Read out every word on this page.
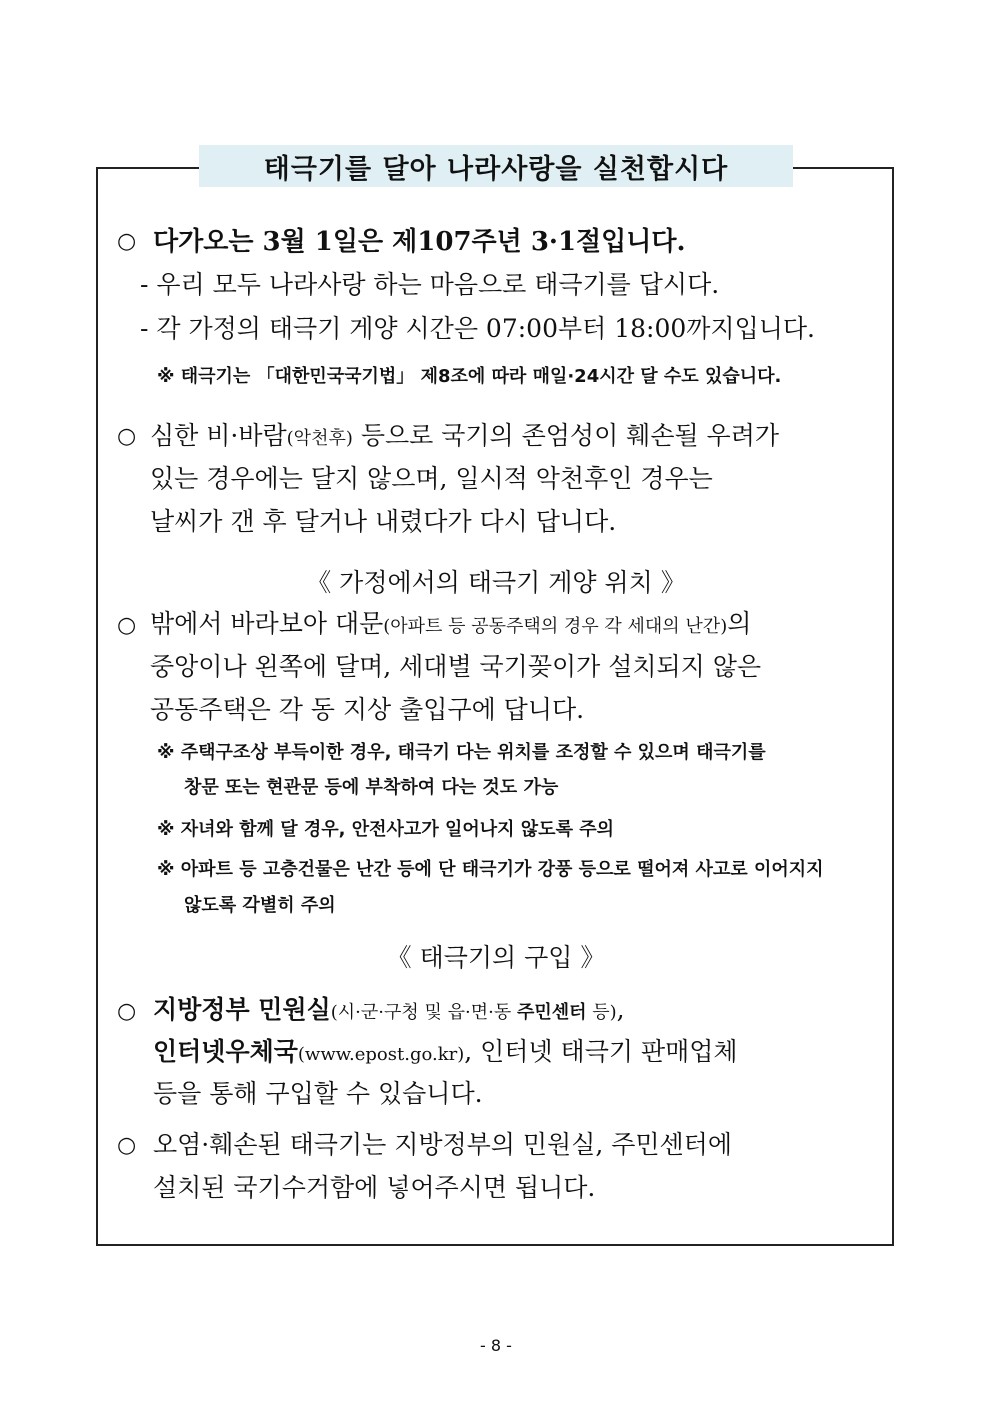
태극기를 달아 나라사랑을 실천합시다
○ 다가오는 3월 1일은 제107주년 3·1절입니다.
- 우리 모두 나라사랑 하는 마음으로 태극기를 답시다.
- 각 가정의 태극기 게양 시간은 07:00부터 18:00까지입니다.
※ 태극기는 「대한민국국기법」 제8조에 따라 매일·24시간 달 수도 있습니다.
○ 심한 비·바람(악천후) 등으로 국기의 존엄성이 훼손될 우려가
있는 경우에는 달지 않으며, 일시적 악천후인 경우는
날씨가 갠 후 달거나 내렸다가 다시 답니다.
《 가정에서의 태극기 게양 위치 》
○ 밖에서 바라보아 대문(아파트 등 공동주택의 경우 각 세대의 난간)의
중앙이나 왼쪽에 달며, 세대별 국기꽂이가 설치되지 않은
공동주택은 각 동 지상 출입구에 답니다.
※ 주택구조상 부득이한 경우, 태극기 다는 위치를 조정할 수 있으며 태극기를
창문 또는 현관문 등에 부착하여 다는 것도 가능
※ 자녀와 함께 달 경우, 안전사고가 일어나지 않도록 주의
※ 아파트 등 고층건물은 난간 등에 단 태극기가 강풍 등으로 떨어져 사고로 이어지지
않도록 각별히 주의
《 태극기의 구입 》
○ 지방정부 민원실(시·군·구청 및 읍·면·동 주민센터 등),
인터넷우체국(www.epost.go.kr), 인터넷 태극기 판매업체
등을 통해 구입할 수 있습니다.
○ 오염·훼손된 태극기는 지방정부의 민원실, 주민센터에
설치된 국기수거함에 넣어주시면 됩니다.
- 8 -
